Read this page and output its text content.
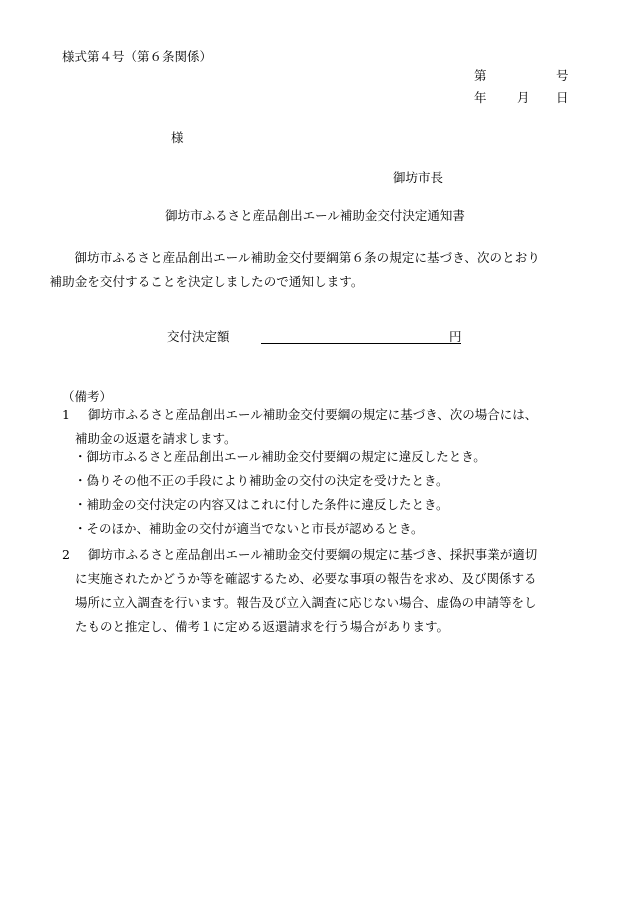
様式第４号（第６条関係）
第	号
年 月 日
様
御坊市長
御坊市ふるさと産品創出エール補助金交付決定通知書
御坊市ふるさと産品創出エール補助金交付要綱第６条の規定に基づき、次のとおり
補助金を交付することを決定しましたので通知します。
交付決定額	円
（備考）
1 御坊市ふるさと産品創出エール補助金交付要綱の規定に基づき、次の場合には、
補助金の返還を請求します。
・御坊市ふるさと産品創出エール補助金交付要綱の規定に違反したとき。
・偽りその他不正の手段により補助金の交付の決定を受けたとき。
・補助金の交付決定の内容又はこれに付した条件に違反したとき。
・そのほか、補助金の交付が適当でないと市長が認めるとき。
2 御坊市ふるさと産品創出エール補助金交付要綱の規定に基づき、採択事業が適切
に実施されたかどうか等を確認するため、必要な事項の報告を求め、及び関係する
場所に立入調査を行います。報告及び立入調査に応じない場合、虚偽の申請等をし
たものと推定し、備考１に定める返還請求を行う場合があります。
